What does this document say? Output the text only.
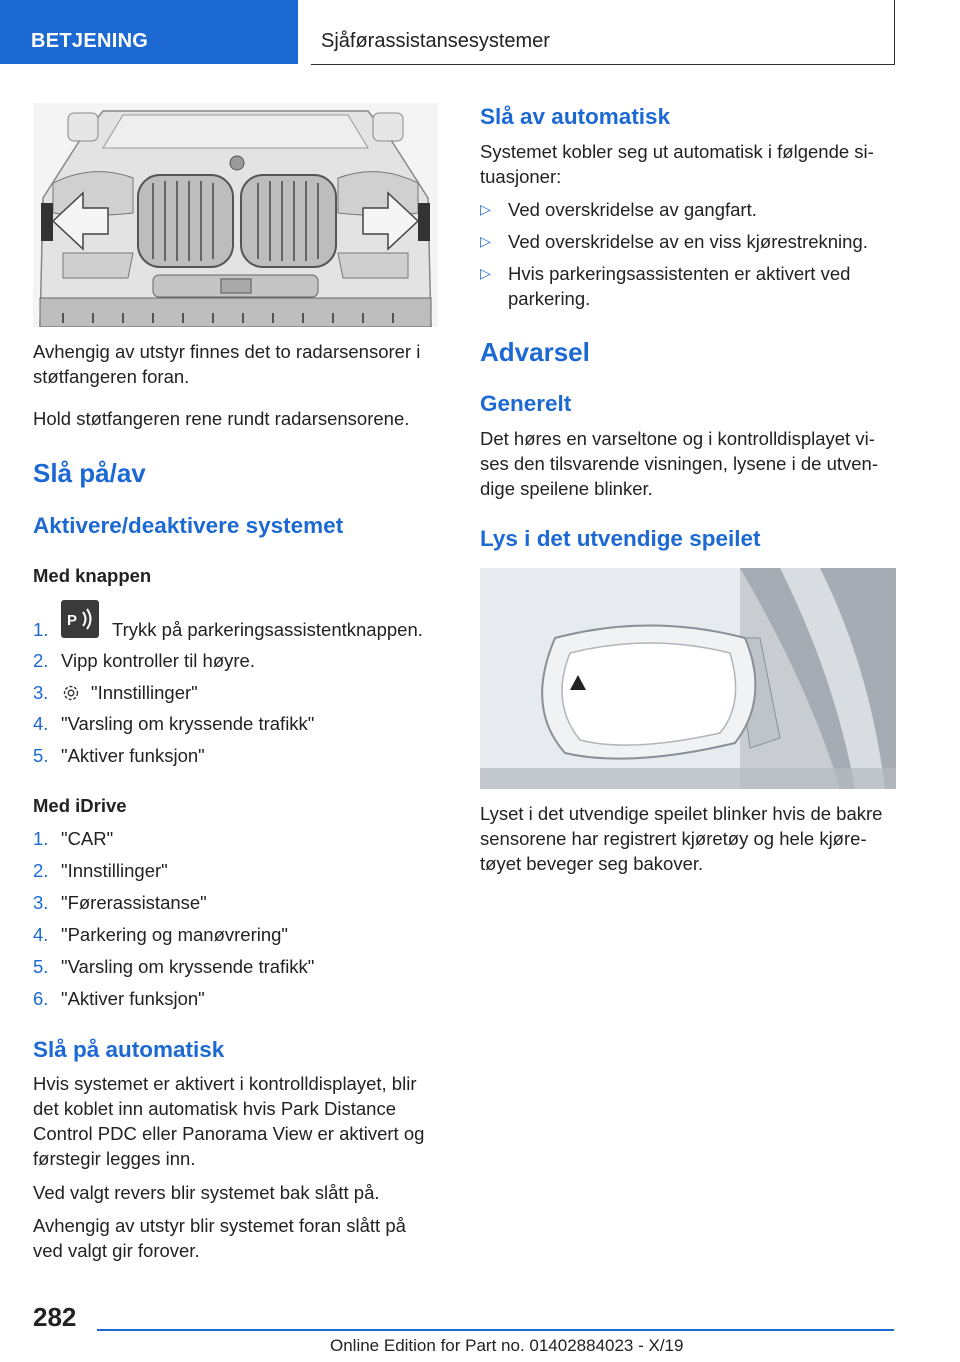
BETJENING	Sjåførassistansesystemer

Avhengig av utstyr finnes det to radarsensorer i støtfangeren foran.

Hold støtfangeren rene rundt radarsensorene.

Slå på/av
Aktivere/deaktivere systemet
Med knappen
1. P Trykk på parkeringsassistentknappen.
2. Vipp kontroller til høyre.
3. "Innstillinger"
4. "Varsling om kryssende trafikk"
5. "Aktiver funksjon"
Med iDrive
1. "CAR"
2. "Innstillinger"
3. "Førerassistanse"
4. "Parkering og manøvrering"
5. "Varsling om kryssende trafikk"
6. "Aktiver funksjon"
Slå på automatisk

Hvis systemet er aktivert i kontrolldisplayet, blir det koblet inn automatisk hvis Park Distance Control PDC eller Panorama View er aktivert og førstegir legges inn.

Ved valgt revers blir systemet bak slått på.

Avhengig av utstyr blir systemet foran slått på ved valgt gir forover.

Slå av automatisk

Systemet kobler seg ut automatisk i følgende situasjoner:

▷ Ved overskridelse av gangfart.
▷ Ved overskridelse av en viss kjørestrekning.
▷ Hvis parkeringsassistenten er aktivert ved parkering.
Advarsel
Generelt

Det høres en varseltone og i kontrolldisplayet vises den tilsvarende visningen, lysene i de utvendige speilene blinker.

Lys i det utvendige speilet

Lyset i det utvendige speilet blinker hvis de bakre sensorene har registrert kjøretøy og hele kjøretøyet beveger seg bakover.

282
Online Edition for Part no. 01402884023 - X/19
